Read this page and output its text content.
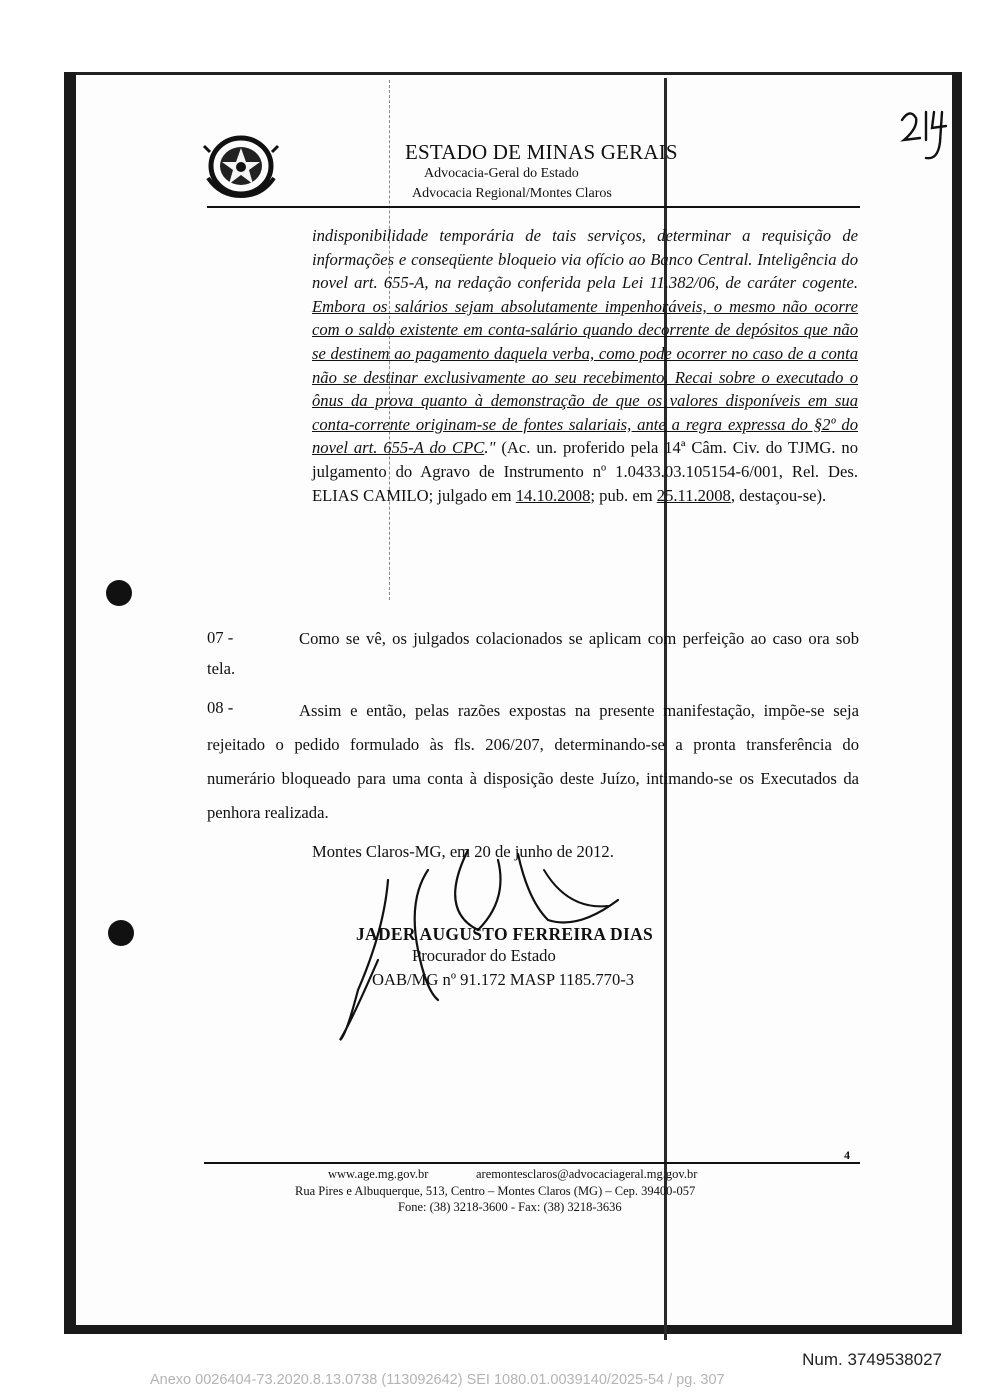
ESTADO DE MINAS GERAIS
Advocacia-Geral do Estado
Advocacia Regional/Montes Claros
indisponibilidade temporária de tais serviços, determinar a requisição de informações e conseqüente bloqueio via ofício ao Banco Central. Inteligência do novel art. 655-A, na redação conferida pela Lei 11.382/06, de caráter cogente. Embora os salários sejam absolutamente impenhoráveis, o mesmo não ocorre com o saldo existente em conta-salário quando decorrente de depósitos que não se destinem ao pagamento daquela verba, como pode ocorrer no caso de a conta não se destinar exclusivamente ao seu recebimento. Recai sobre o executado o ônus da prova quanto à demonstração de que os valores disponíveis em sua conta-corrente originam-se de fontes salariais, ante a regra expressa do §2º do novel art. 655-A do CPC." (Ac. un. proferido pela 14ª Câm. Civ. do TJMG. no julgamento do Agravo de Instrumento nº 1.0433.03.105154-6/001, Rel. Des. ELIAS CAMILO; julgado em 14.10.2008; pub. em 25.11.2008, destaçou-se).
07 -	Como se vê, os julgados colacionados se aplicam com perfeição ao caso ora sob tela.
08 -	Assim e então, pelas razões expostas na presente manifestação, impõe-se seja rejeitado o pedido formulado às fls. 206/207, determinando-se a pronta transferência do numerário bloqueado para uma conta à disposição deste Juízo, intimando-se os Executados da penhora realizada.
Montes Claros-MG, em 20 de junho de 2012.
JADER AUGUSTO FERREIRA DIAS
Procurador do Estado
OAB/MG nº 91.172 MASP 1185.770-3
4
www.age.mg.gov.br	aremontesclaros@advocaciageral.mg.gov.br
Rua Pires e Albuquerque, 513, Centro – Montes Claros (MG) – Cep. 39400-057
Fone: (38) 3218-3600 - Fax: (38) 3218-3636
Num. 3749538027
Anexo 0026404-73.2020.8.13.0738 (113092642) SEI 1080.01.0039140/2025-54 / pg. 307
